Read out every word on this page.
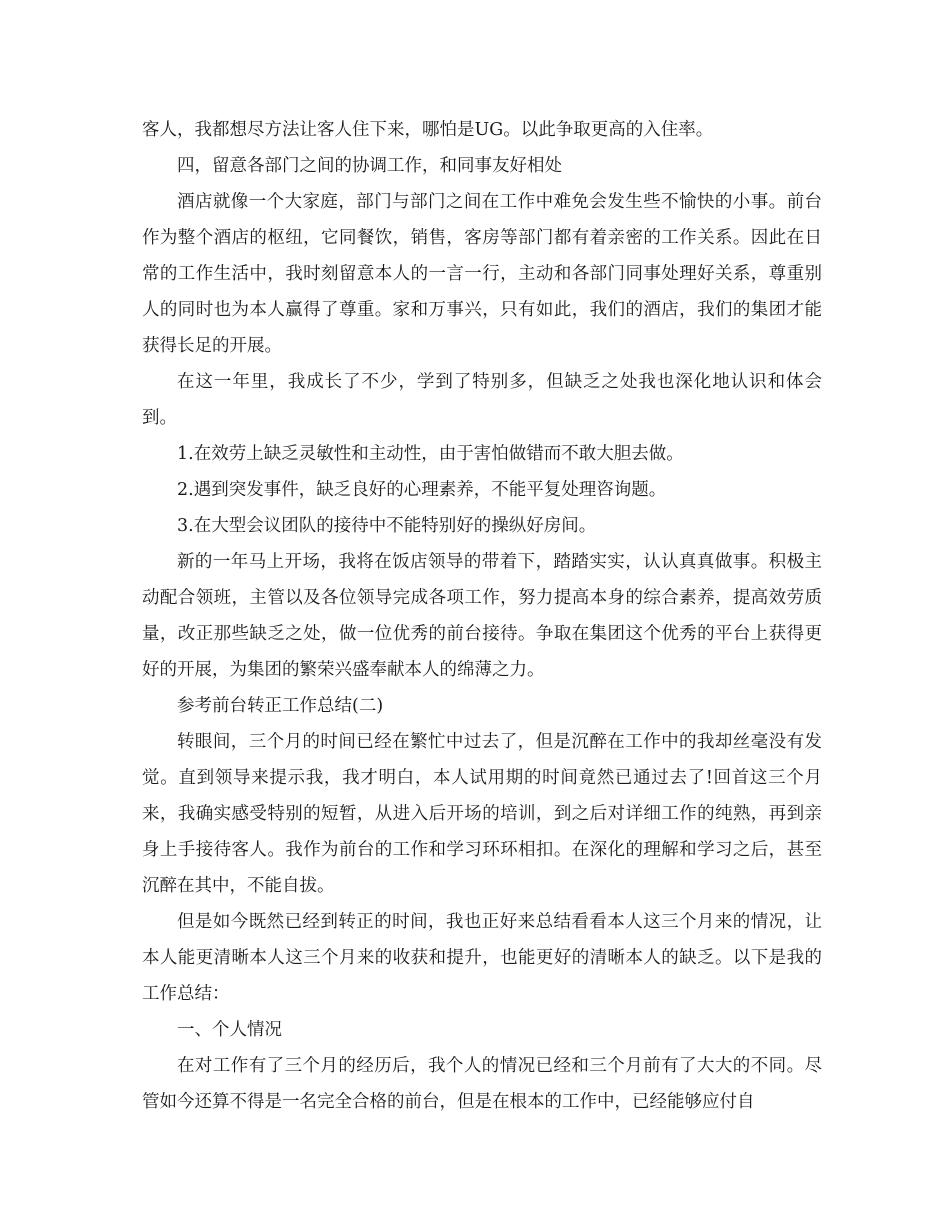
客人，我都想尽方法让客人住下来，哪怕是UG。以此争取更高的入住率。

四，留意各部门之间的协调工作，和同事友好相处

酒店就像一个大家庭，部门与部门之间在工作中难免会发生些不愉快的小事。前台作为整个酒店的枢纽，它同餐饮，销售，客房等部门都有着亲密的工作关系。因此在日常的工作生活中，我时刻留意本人的一言一行，主动和各部门同事处理好关系，尊重别人的同时也为本人赢得了尊重。家和万事兴，只有如此，我们的酒店，我们的集团才能获得长足的开展。

在这一年里，我成长了不少，学到了特别多，但缺乏之处我也深化地认识和体会到。

1.在效劳上缺乏灵敏性和主动性，由于害怕做错而不敢大胆去做。

2.遇到突发事件，缺乏良好的心理素养，不能平复处理咨询题。

3.在大型会议团队的接待中不能特别好的操纵好房间。

新的一年马上开场，我将在饭店领导的带着下，踏踏实实，认认真真做事。积极主动配合领班，主管以及各位领导完成各项工作，努力提高本身的综合素养，提高效劳质量，改正那些缺乏之处，做一位优秀的前台接待。争取在集团这个优秀的平台上获得更好的开展，为集团的繁荣兴盛奉献本人的绵薄之力。

参考前台转正工作总结(二)

转眼间，三个月的时间已经在繁忙中过去了，但是沉醉在工作中的我却丝毫没有发觉。直到领导来提示我，我才明白，本人试用期的时间竟然已通过去了!回首这三个月来，我确实感受特别的短暂，从进入后开场的培训，到之后对详细工作的纯熟，再到亲身上手接待客人。我作为前台的工作和学习环环相扣。在深化的理解和学习之后，甚至沉醉在其中，不能自拔。

但是如今既然已经到转正的时间，我也正好来总结看看本人这三个月来的情况，让本人能更清晰本人这三个月来的收获和提升，也能更好的清晰本人的缺乏。以下是我的工作总结：

一、个人情况

在对工作有了三个月的经历后，我个人的情况已经和三个月前有了大大的不同。尽管如今还算不得是一名完全合格的前台，但是在根本的工作中，已经能够应付自
